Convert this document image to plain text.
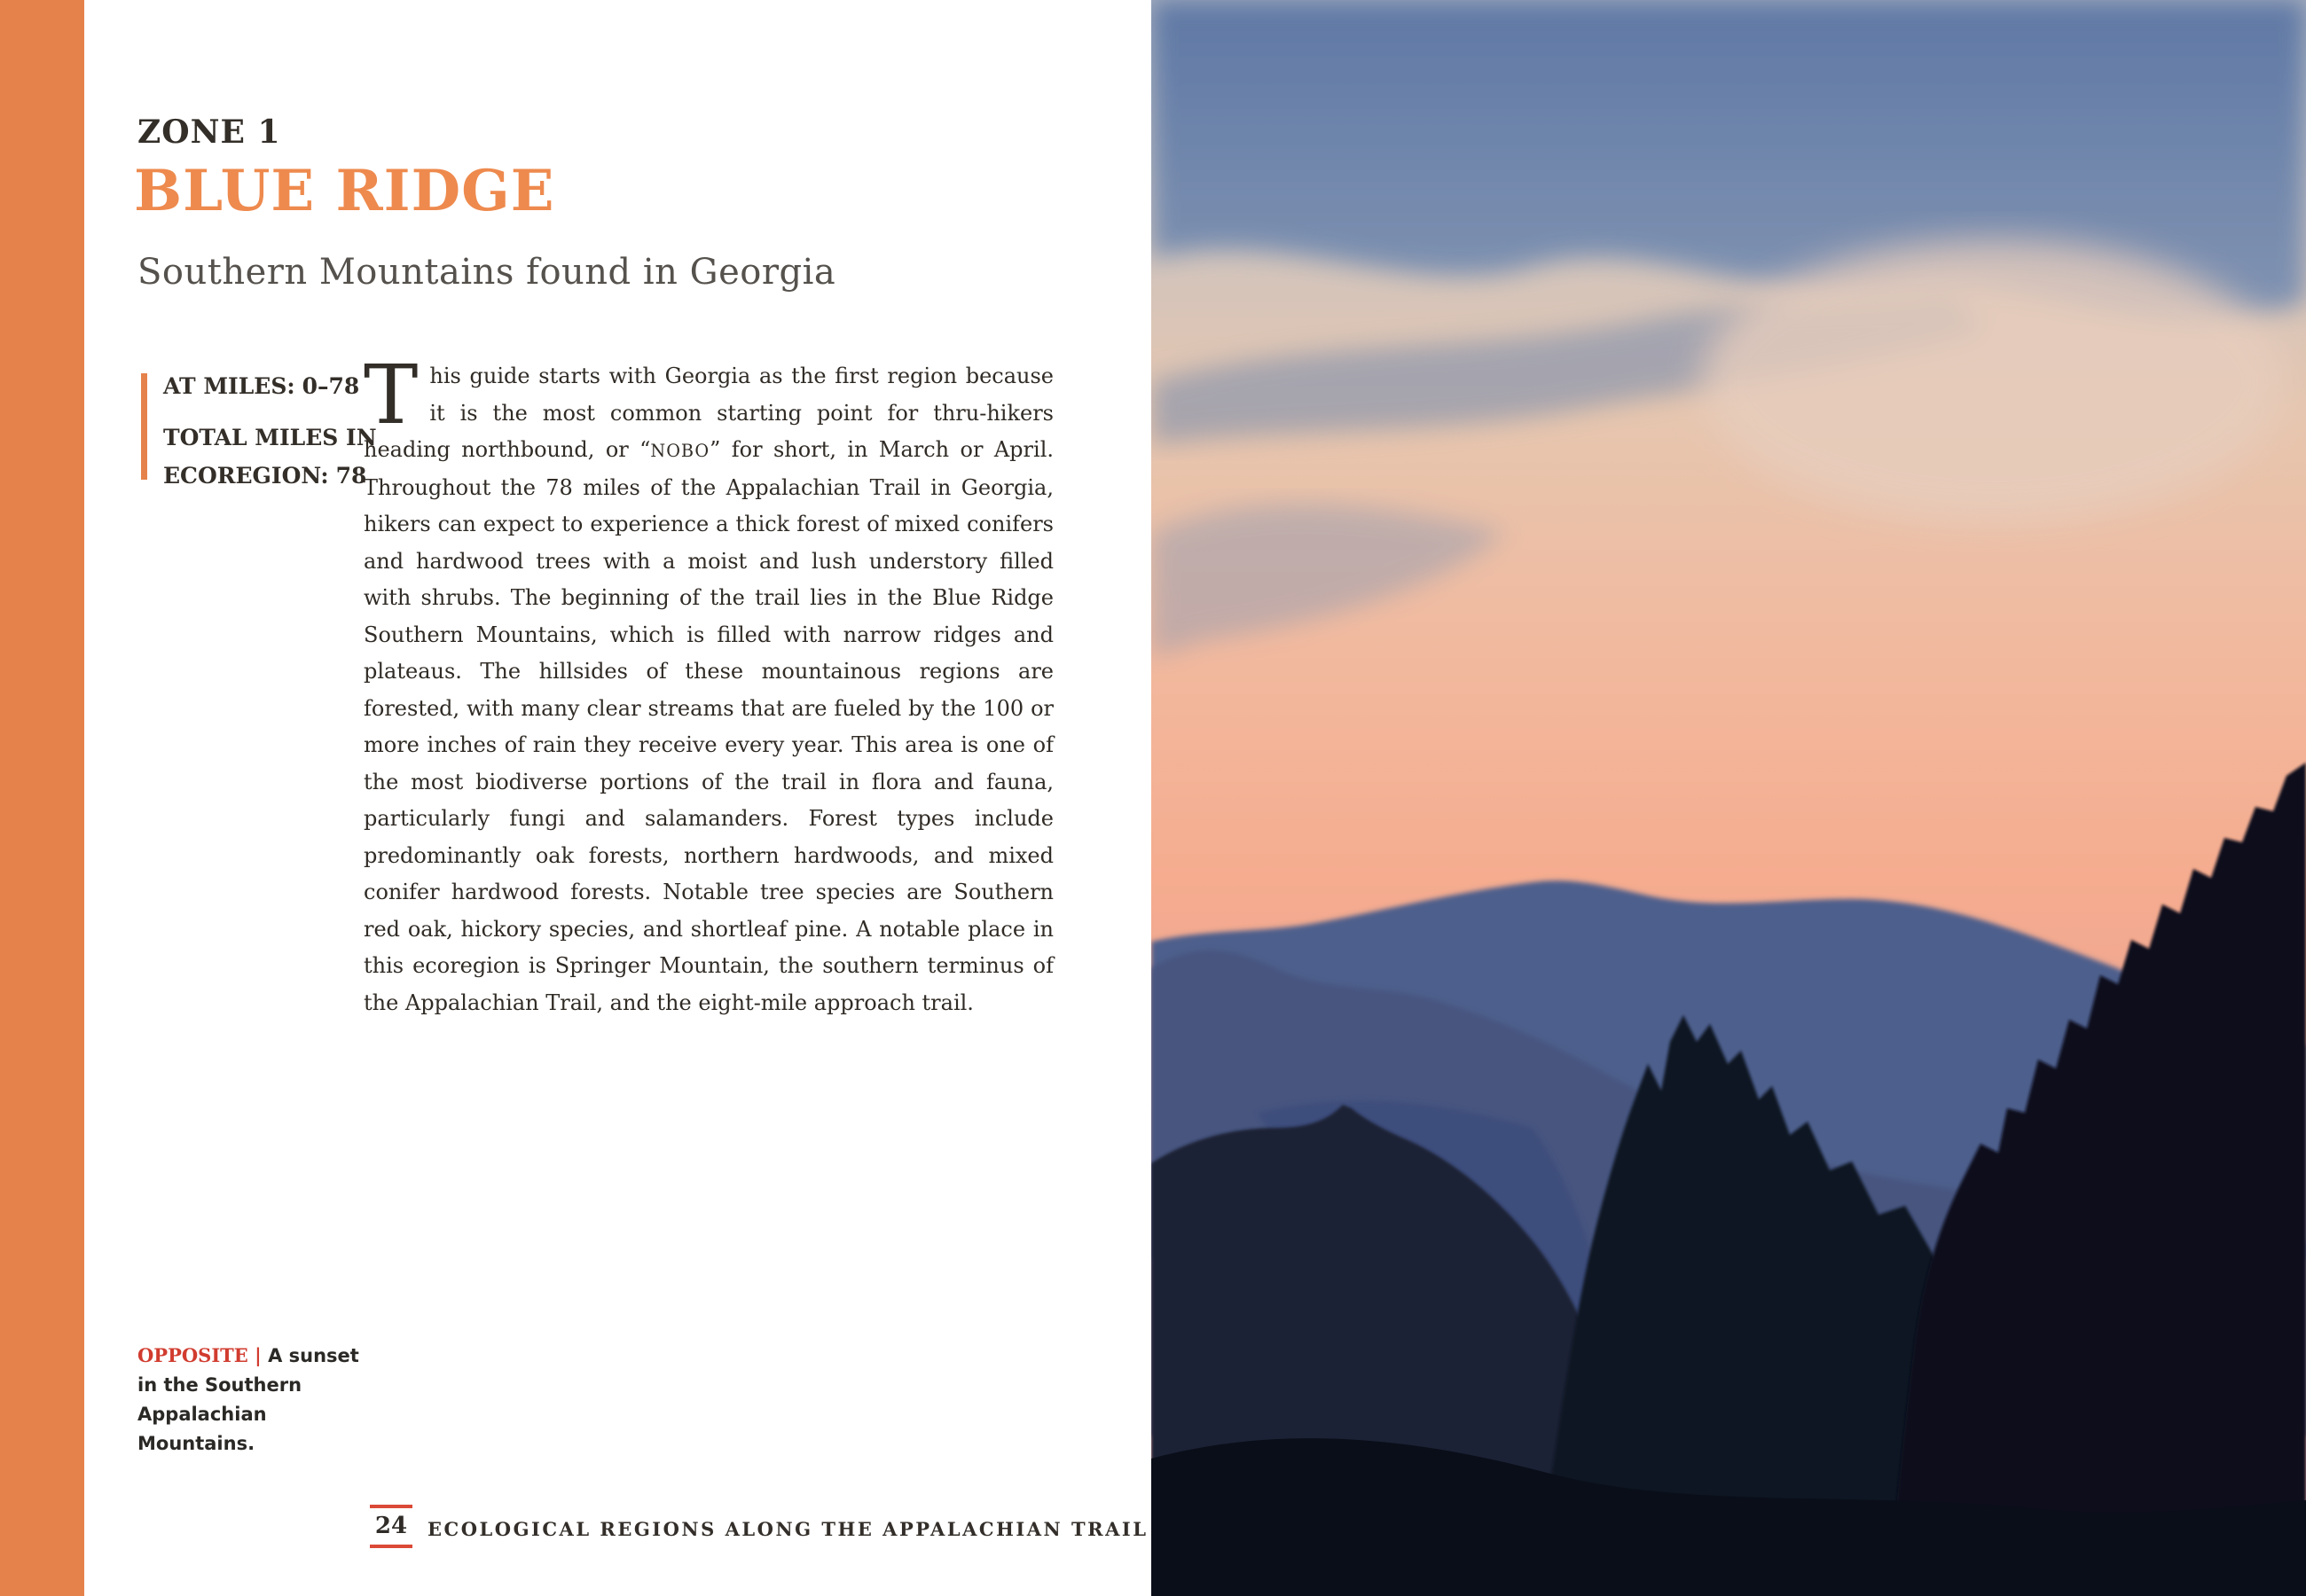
ZONE 1
BLUE RIDGE
Southern Mountains found in Georgia
AT MILES: 0–78
TOTAL MILES IN ECOREGION: 78
This guide starts with Georgia as the first region because it is the most common starting point for thru-hikers heading northbound, or “NOBO” for short, in March or April. Throughout the 78 miles of the Appalachian Trail in Georgia, hikers can expect to experience a thick forest of mixed conifers and hardwood trees with a moist and lush understory filled with shrubs. The beginning of the trail lies in the Blue Ridge Southern Mountains, which is filled with narrow ridges and plateaus. The hillsides of these mountainous regions are forested, with many clear streams that are fueled by the 100 or more inches of rain they receive every year. This area is one of the most biodiverse portions of the trail in flora and fauna, particularly fungi and salamanders. Forest types include predominantly oak forests, northern hardwoods, and mixed conifer hardwood forests. Notable tree species are Southern red oak, hickory species, and shortleaf pine. A notable place in this ecoregion is Springer Mountain, the southern terminus of the Appalachian Trail, and the eight-mile approach trail.
OPPOSITE | A sunset in the Southern Appalachian Mountains.
24 ECOLOGICAL REGIONS ALONG THE APPALACHIAN TRAIL
